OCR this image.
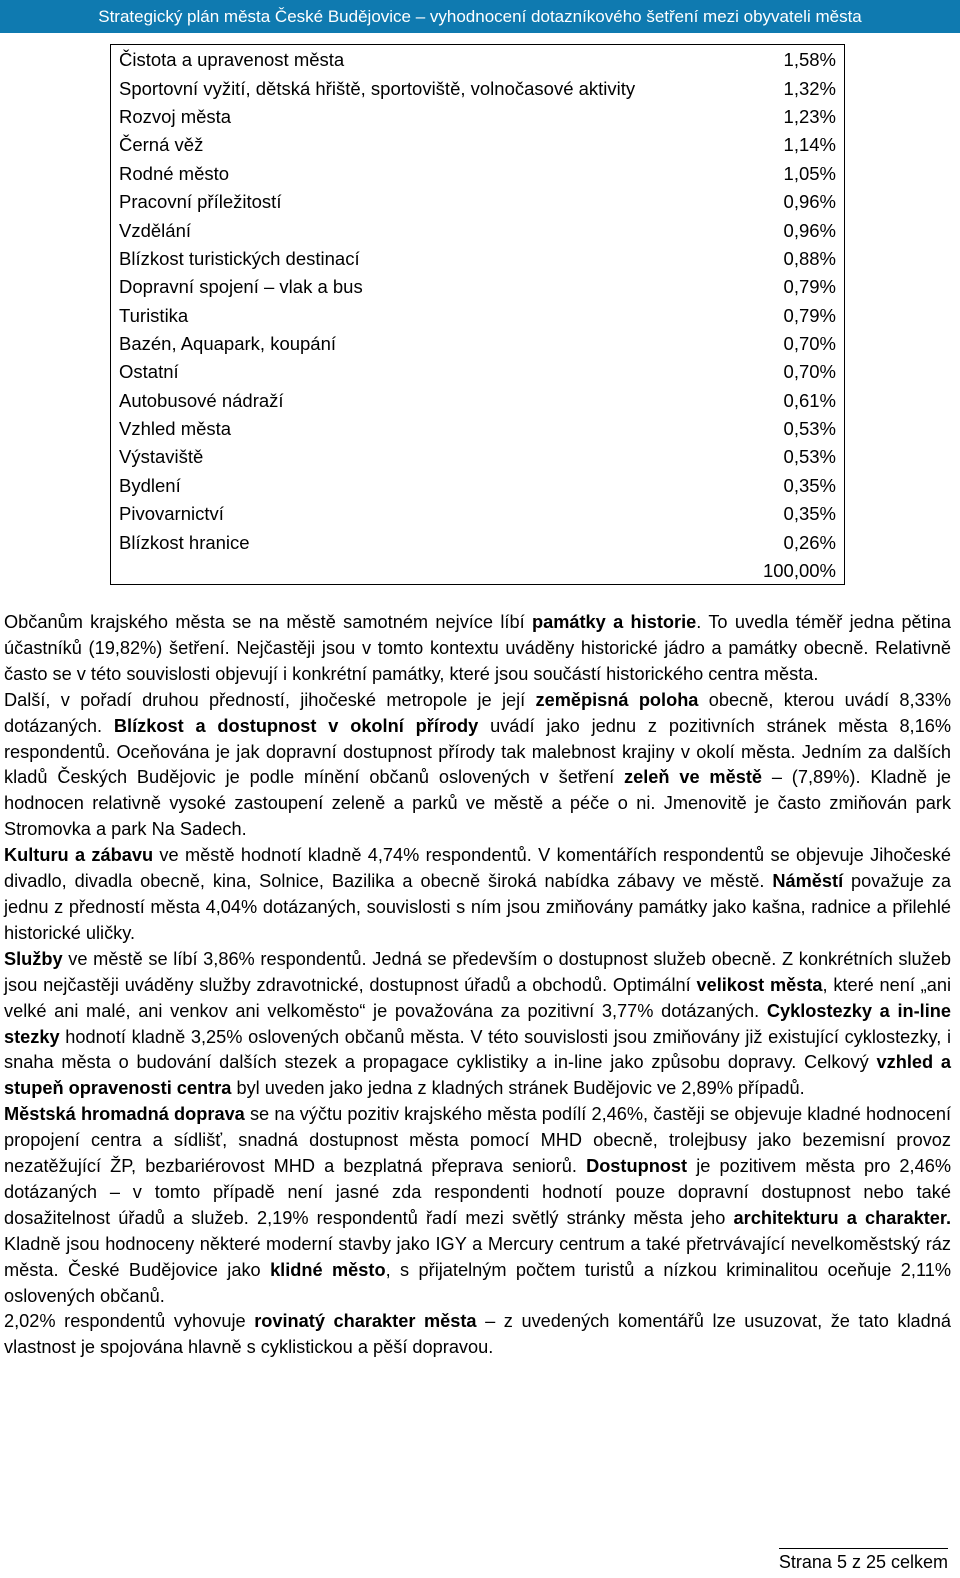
Strategický plán města České Budějovice – vyhodnocení dotazníkového šetření mezi obyvateli města
Čistota a upravenost města	1,58%
Sportovní vyžití, dětská hřiště, sportoviště, volnočasové aktivity	1,32%
Rozvoj města	1,23%
Černá věž	1,14%
Rodné město	1,05%
Pracovní příležitostí	0,96%
Vzdělání	0,96%
Blízkost turistických destinací	0,88%
Dopravní spojení – vlak a bus	0,79%
Turistika	0,79%
Bazén, Aquapark, koupání	0,70%
Ostatní	0,70%
Autobusové nádraží	0,61%
Vzhled města	0,53%
Výstaviště	0,53%
Bydlení	0,35%
Pivovarnictví	0,35%
Blízkost hranice	0,26%
	100,00%

Občanům krajského města se na městě samotném nejvíce líbí památky a historie. To uvedla téměř jedna pětina účastníků (19,82%) šetření. Nejčastěji jsou v tomto kontextu uváděny historické jádro a památky obecně. Relativně často se v této souvislosti objevují i konkrétní památky, které jsou součástí historického centra města.

Další, v pořadí druhou předností, jihočeské metropole je její zeměpisná poloha obecně, kterou uvádí 8,33% dotázaných. Blízkost a dostupnost v okolní přírody uvádí jako jednu z pozitivních stránek města 8,16% respondentů. Oceňována je jak dopravní dostupnost přírody tak malebnost krajiny v okolí města. Jedním za dalších kladů Českých Budějovic je podle mínění občanů oslovených v šetření zeleň ve městě – (7,89%). Kladně je hodnocen relativně vysoké zastoupení zeleně a parků ve městě a péče o ni. Jmenovitě je často zmiňován park Stromovka a park Na Sadech.

Kulturu a zábavu ve městě hodnotí kladně 4,74% respondentů. V komentářích respondentů se objevuje Jihočeské divadlo, divadla obecně, kina, Solnice, Bazilika a obecně široká nabídka zábavy ve městě. Náměstí považuje za jednu z předností města 4,04% dotázaných, souvislosti s ním jsou zmiňovány památky jako kašna, radnice a přilehlé historické uličky.

Služby ve městě se líbí 3,86% respondentů. Jedná se především o dostupnost služeb obecně. Z konkrétních služeb jsou nejčastěji uváděny služby zdravotnické, dostupnost úřadů a obchodů. Optimální velikost města, které není „ani velké ani malé, ani venkov ani velkoměsto“ je považována za pozitivní 3,77% dotázaných. Cyklostezky a in-line stezky hodnotí kladně 3,25% oslovených občanů města. V této souvislosti jsou zmiňovány již existující cyklostezky, i snaha města o budování dalších stezek a propagace cyklistiky a in-line jako způsobu dopravy. Celkový vzhled a stupeň opravenosti centra byl uveden jako jedna z kladných stránek Budějovic ve 2,89% případů.

Městská hromadná doprava se na výčtu pozitiv krajského města podílí 2,46%, častěji se objevuje kladné hodnocení propojení centra a sídlišť, snadná dostupnost města pomocí MHD obecně, trolejbusy jako bezemisní provoz nezatěžující ŽP, bezbariérovost MHD a bezplatná přeprava seniorů. Dostupnost je pozitivem města pro 2,46% dotázaných – v tomto případě není jasné zda respondenti hodnotí pouze dopravní dostupnost nebo také dosažitelnost úřadů a služeb. 2,19% respondentů řadí mezi světlý stránky města jeho architekturu a charakter. Kladně jsou hodnoceny některé moderní stavby jako IGY a Mercury centrum a také přetrvávající nevelkoměstský ráz města. České Budějovice jako klidné město, s přijatelným počtem turistů a nízkou kriminalitou oceňuje 2,11% oslovených občanů.

2,02% respondentů vyhovuje rovinatý charakter města – z uvedených komentářů lze usuzovat, že tato kladná vlastnost je spojována hlavně s cyklistickou a pěší dopravou.

Strana 5 z 25 celkem
